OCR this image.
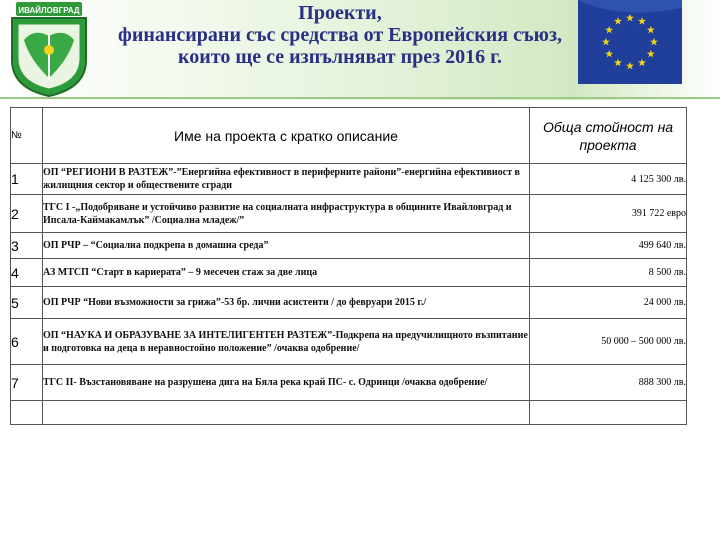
ИВАЙЛОВГРАД	Проекти,
финансирани със средства от Европейския съюз,
които ще се изпълняват през 2016 г.
№	Име на проекта с кратко описание	Обща стойност на проекта
1	ОП “РЕГИОНИ В РАЗТЕЖ”-”Енергийна ефективност в периферните райони”-енергийна ефективност в жилищния сектор и обществените сгради	4 125 300 лв.
2	ТГС І -„Подобряване и устойчиво развитие на социалната инфраструктура в общините Ивайловград и Ипсала-Каймакамлък” /Социална младеж/”	391 722 евро
3	ОП РЧР – “Социална подкрепа в домашна среда”	499 640 лв.
4	АЗ МТСП “Старт в кариерата” – 9 месечен стаж за две лица	8 500 лв.
5	ОП РЧР “Нови възможности за грижа”-53 бр. лични асистенти / до февруари 2015 г./	24 000 лв.
6	ОП “НАУКА И ОБРАЗУВАНЕ ЗА ИНТЕЛИГЕНТЕН РАЗТЕЖ”-Подкрепа на предучилищното възпитание и подготовка на деца в неравностойно положение” /очаква одобрение/	50 000 – 500 000 лв.
7	ТГС ІІ- Възстановяване на разрушена дига на Бяла река край ПС- с. Одринци /очаква одобрение/	888 300 лв.
